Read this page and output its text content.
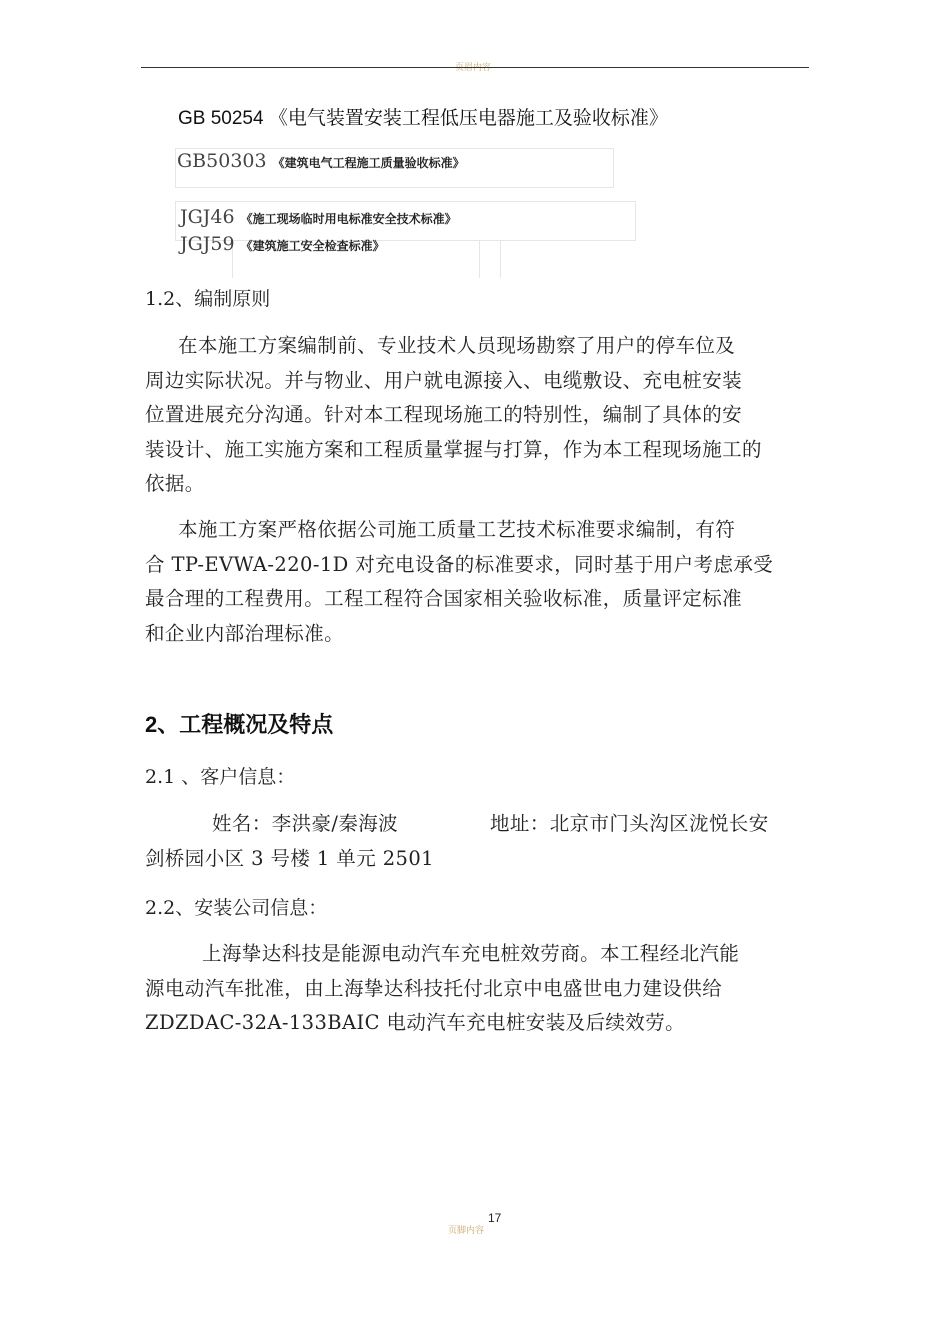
页眉内容
GB 50254 《电气装置安装工程低压电器施工及验收标准》
GB50303 《建筑电气工程施工质量验收标准》
JGJ46 《施工现场临时用电标准安全技术标准》
JGJ59 《建筑施工安全检查标准》
1.2、编制原则
在本施工方案编制前、专业技术人员现场勘察了用户的停车位及
周边实际状况。并与物业、用户就电源接入、电缆敷设、充电桩安装
位置进展充分沟通。针对本工程现场施工的特别性，编制了具体的安
装设计、施工实施方案和工程质量掌握与打算，作为本工程现场施工的
依据。
本施工方案严格依据公司施工质量工艺技术标准要求编制，有符
合 TP-EVWA-220-1D 对充电设备的标准要求，同时基于用户考虑承受
最合理的工程费用。工程工程符合国家相关验收标准，质量评定标准
和企业内部治理标准。
2、工程概况及特点
2.1 、客户信息：
姓名：李洪豪/秦海波	地址：北京市门头沟区泷悦长安
剑桥园小区 3 号楼 1 单元 2501
2.2、安装公司信息：
上海挚达科技是能源电动汽车充电桩效劳商。本工程经北汽能
源电动汽车批准，由上海挚达科技托付北京中电盛世电力建设供给
ZDZDAC-32A-133BAIC 电动汽车充电桩安装及后续效劳。
17
页脚内容
